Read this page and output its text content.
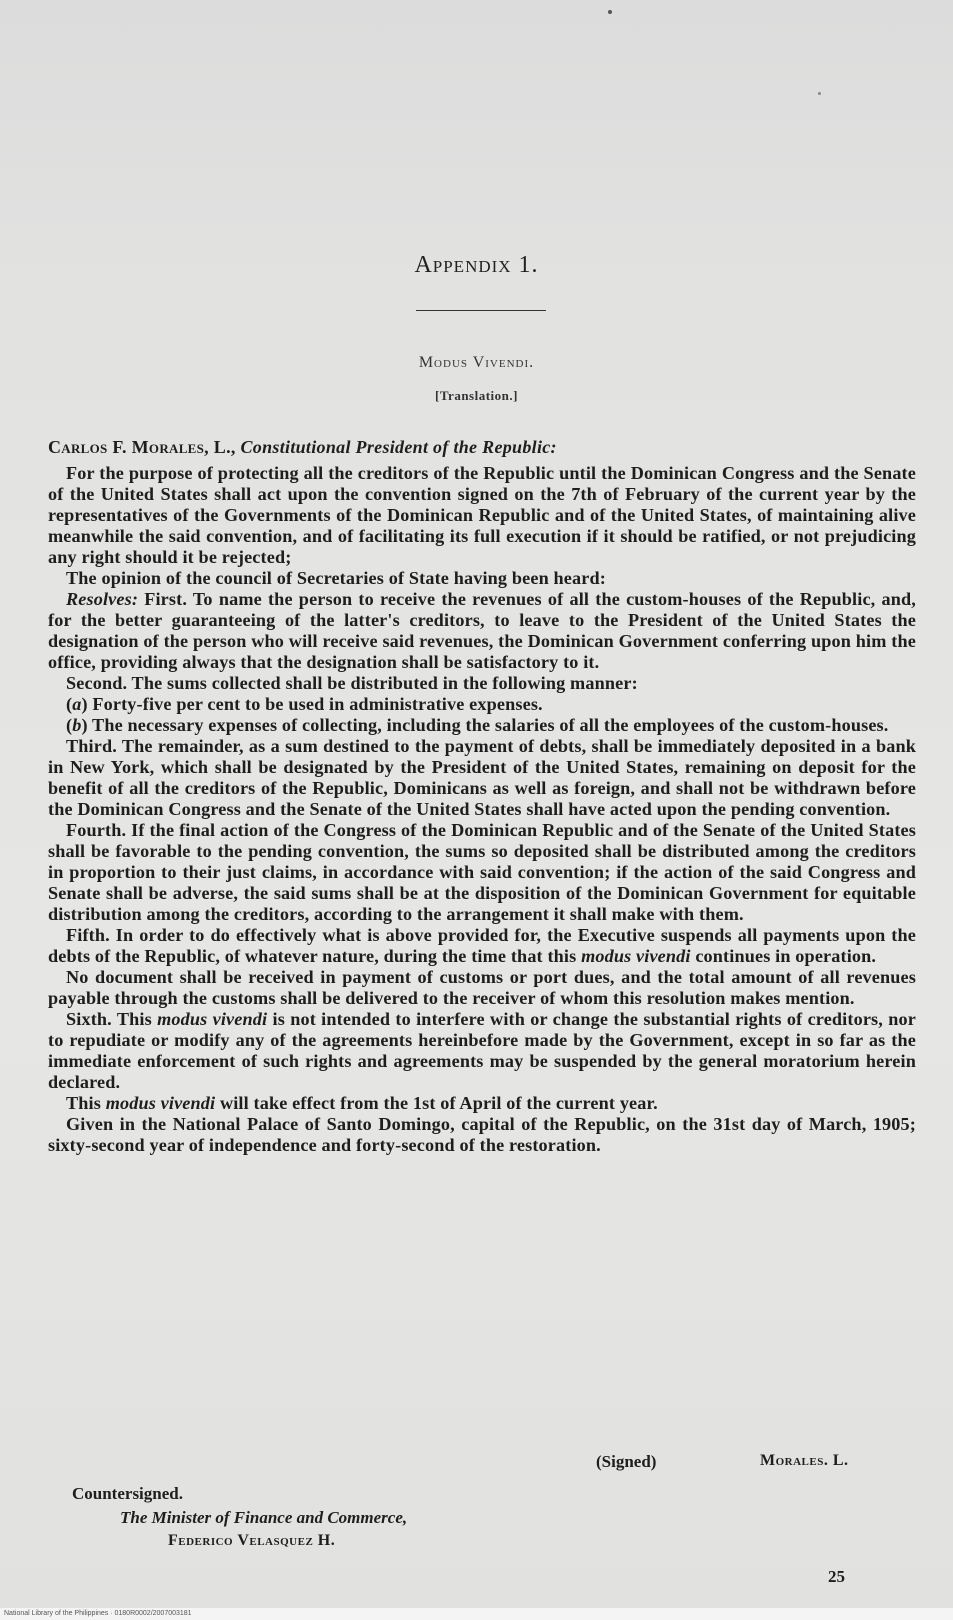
Appendix 1.
Modus Vivendi.
[Translation.]
Carlos F. Morales, L., Constitutional President of the Republic:

For the purpose of protecting all the creditors of the Republic until the Dominican Congress and the Senate of the United States shall act upon the convention signed on the 7th of February of the current year by the representatives of the Governments of the Dominican Republic and of the United States, of maintaining alive meanwhile the said convention, and of facilitating its full execution if it should be ratified, or not prejudicing any right should it be rejected;

The opinion of the council of Secretaries of State having been heard:

Resolves: First. To name the person to receive the revenues of all the custom-houses of the Republic, and, for the better guaranteeing of the latter's creditors, to leave to the President of the United States the designation of the person who will receive said revenues, the Dominican Government conferring upon him the office, providing always that the designation shall be satisfactory to it.

Second. The sums collected shall be distributed in the following manner:

(a) Forty-five per cent to be used in administrative expenses.

(b) The necessary expenses of collecting, including the salaries of all the employees of the custom-houses.

Third. The remainder, as a sum destined to the payment of debts, shall be immediately deposited in a bank in New York, which shall be designated by the President of the United States, remaining on deposit for the benefit of all the creditors of the Republic, Dominicans as well as foreign, and shall not be withdrawn before the Dominican Congress and the Senate of the United States shall have acted upon the pending convention.

Fourth. If the final action of the Congress of the Dominican Republic and of the Senate of the United States shall be favorable to the pending convention, the sums so deposited shall be distributed among the creditors in proportion to their just claims, in accordance with said convention; if the action of the said Congress and Senate shall be adverse, the said sums shall be at the disposition of the Dominican Government for equitable distribution among the creditors, according to the arrangement it shall make with them.

Fifth. In order to do effectively what is above provided for, the Executive suspends all payments upon the debts of the Republic, of whatever nature, during the time that this modus vivendi continues in operation.

No document shall be received in payment of customs or port dues, and the total amount of all revenues payable through the customs shall be delivered to the receiver of whom this resolution makes mention.

Sixth. This modus vivendi is not intended to interfere with or change the substantial rights of creditors, nor to repudiate or modify any of the agreements hereinbefore made by the Government, except in so far as the immediate enforcement of such rights and agreements may be suspended by the general moratorium herein declared.

This modus vivendi will take effect from the 1st of April of the current year.

Given in the National Palace of Santo Domingo, capital of the Republic, on the 31st day of March, 1905; sixty-second year of independence and forty-second of the restoration.

(Signed)	Morales. L.
Countersigned.
The Minister of Finance and Commerce,
Federico Velasquez H.
25
National Library of the Philippines · 0180R0002/2007003181
